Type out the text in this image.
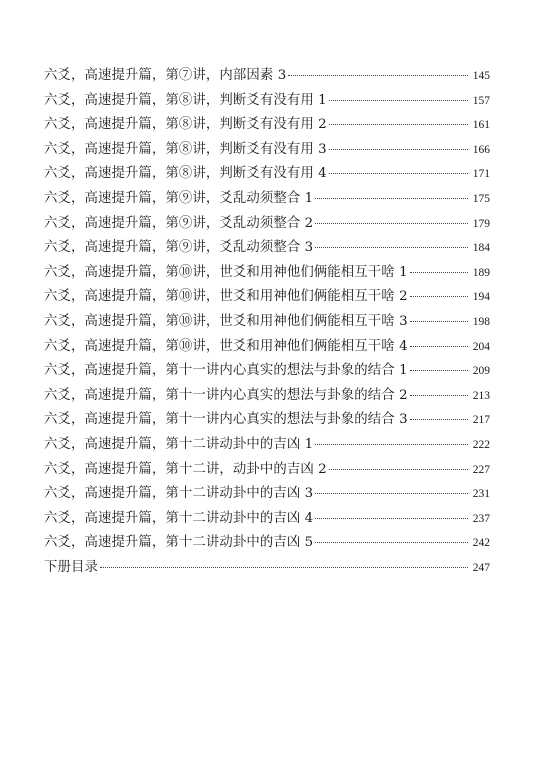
六爻，高速提升篇，第⑦讲，内部因素 3	145
六爻，高速提升篇，第⑧讲，判断爻有没有用 1	157
六爻，高速提升篇，第⑧讲，判断爻有没有用 2	161
六爻，高速提升篇，第⑧讲，判断爻有没有用 3	166
六爻，高速提升篇，第⑧讲，判断爻有没有用 4	171
六爻，高速提升篇，第⑨讲，爻乱动须整合 1	175
六爻，高速提升篇，第⑨讲，爻乱动须整合 2	179
六爻，高速提升篇，第⑨讲，爻乱动须整合 3	184
六爻，高速提升篇，第⑩讲，世爻和用神他们俩能相互干啥 1	189
六爻，高速提升篇，第⑩讲，世爻和用神他们俩能相互干啥 2	194
六爻，高速提升篇，第⑩讲，世爻和用神他们俩能相互干啥 3	198
六爻，高速提升篇，第⑩讲，世爻和用神他们俩能相互干啥 4	204
六爻，高速提升篇，第十一讲内心真实的想法与卦象的结合 1	209
六爻，高速提升篇，第十一讲内心真实的想法与卦象的结合 2	213
六爻，高速提升篇，第十一讲内心真实的想法与卦象的结合 3	217
六爻，高速提升篇，第十二讲动卦中的吉凶 1	222
六爻，高速提升篇，第十二讲，动卦中的吉凶 2	227
六爻，高速提升篇，第十二讲动卦中的吉凶 3	231
六爻，高速提升篇，第十二讲动卦中的吉凶 4	237
六爻，高速提升篇，第十二讲动卦中的吉凶 5	242
下册目录	247
